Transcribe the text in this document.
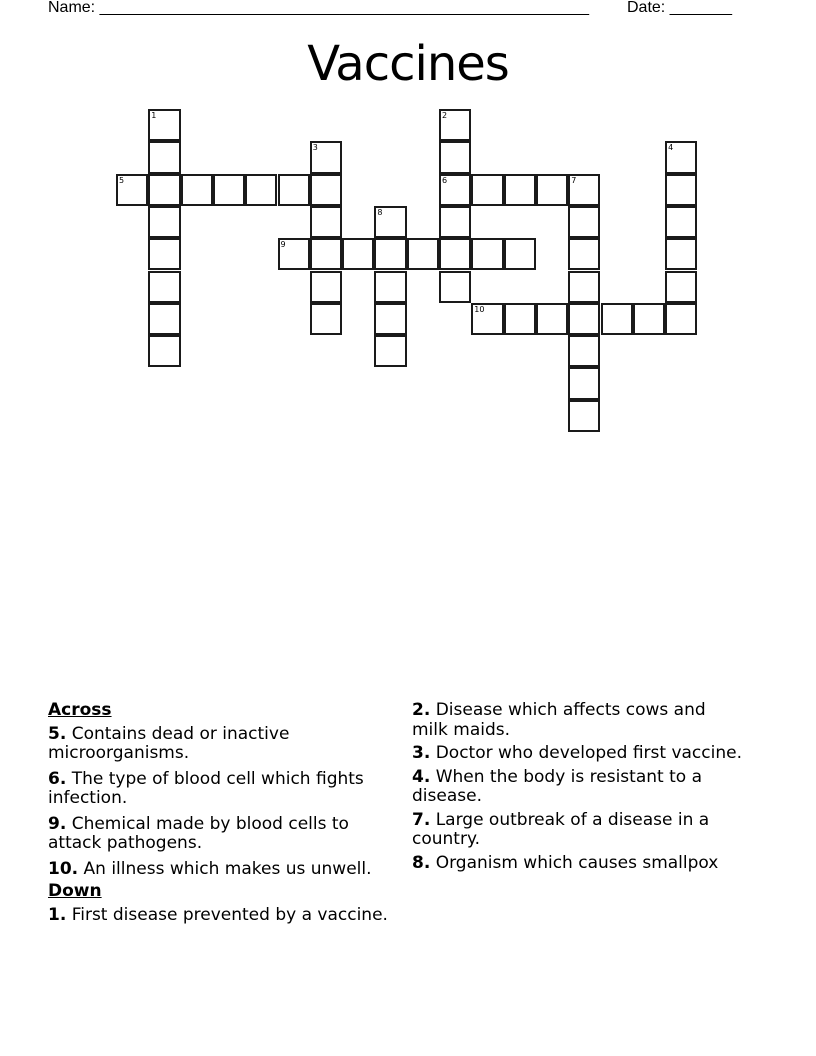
Name: _______________________________________________________ Date: _______
Vaccines
1	2
6
3	4
5	7
8
9
10
Across
5. Contains dead or inactive microorganisms.
6. The type of blood cell which fights infection.
9. Chemical made by blood cells to attack pathogens.
10. An illness which makes us unwell.
Down
1. First disease prevented by a vaccine.
2. Disease which affects cows and milk maids.
3. Doctor who developed first vaccine.
4. When the body is resistant to a disease.
7. Large outbreak of a disease in a country.
8. Organism which causes smallpox
